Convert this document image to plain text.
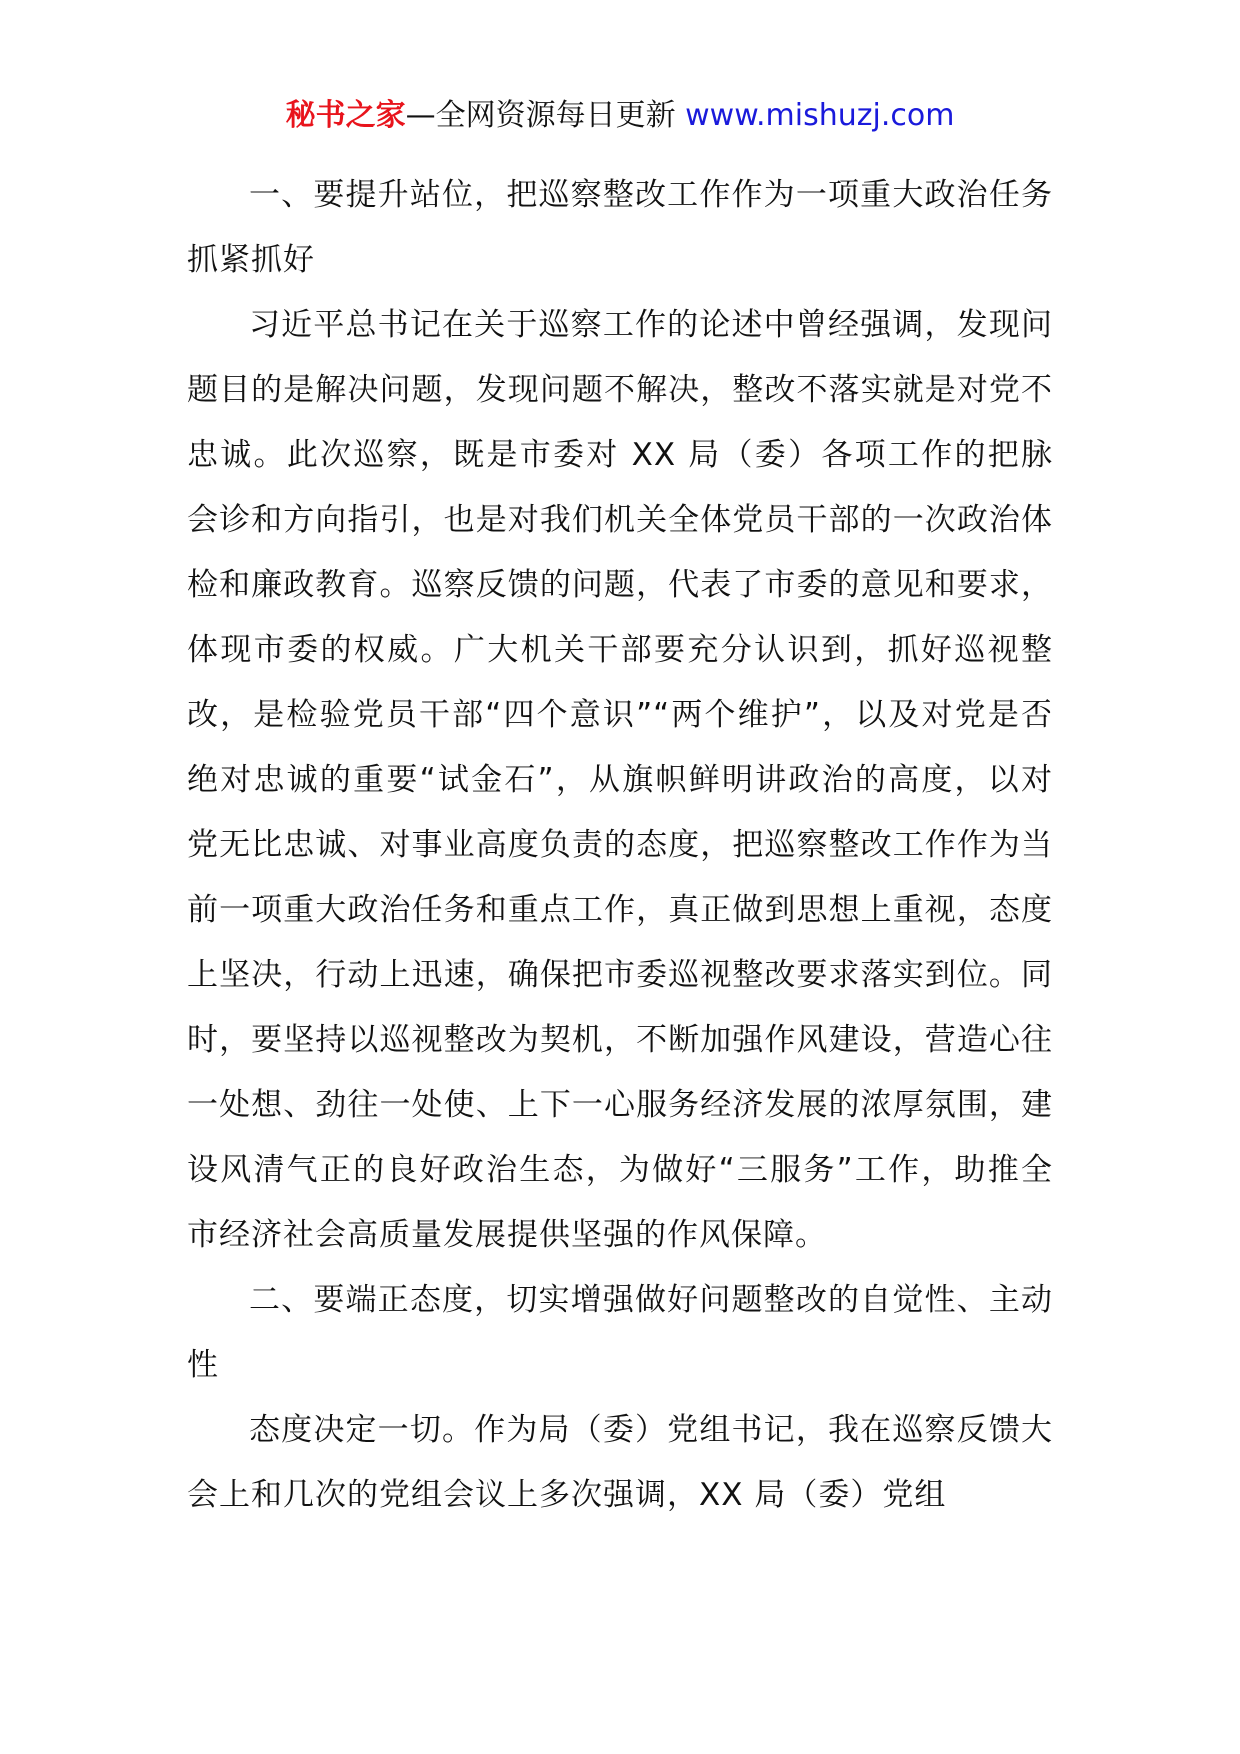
秘书之家—全网资源每日更新 www.mishuzj.com

一、要提升站位，把巡察整改工作作为一项重大政治任务抓紧抓好

习近平总书记在关于巡察工作的论述中曾经强调，发现问题目的是解决问题，发现问题不解决，整改不落实就是对党不忠诚。此次巡察，既是市委对 XX 局（委）各项工作的把脉会诊和方向指引，也是对我们机关全体党员干部的一次政治体检和廉政教育。巡察反馈的问题，代表了市委的意见和要求，体现市委的权威。广大机关干部要充分认识到，抓好巡视整改，是检验党员干部“四个意识”“两个维护”，以及对党是否绝对忠诚的重要“试金石”，从旗帜鲜明讲政治的高度，以对党无比忠诚、对事业高度负责的态度，把巡察整改工作作为当前一项重大政治任务和重点工作，真正做到思想上重视，态度上坚决，行动上迅速，确保把市委巡视整改要求落实到位。同时，要坚持以巡视整改为契机，不断加强作风建设，营造心往一处想、劲往一处使、上下一心服务经济发展的浓厚氛围，建设风清气正的良好政治生态，为做好“三服务”工作，助推全市经济社会高质量发展提供坚强的作风保障。

二、要端正态度，切实增强做好问题整改的自觉性、主动性

态度决定一切。作为局（委）党组书记，我在巡察反馈大会上和几次的党组会议上多次强调，XX 局（委）党组
